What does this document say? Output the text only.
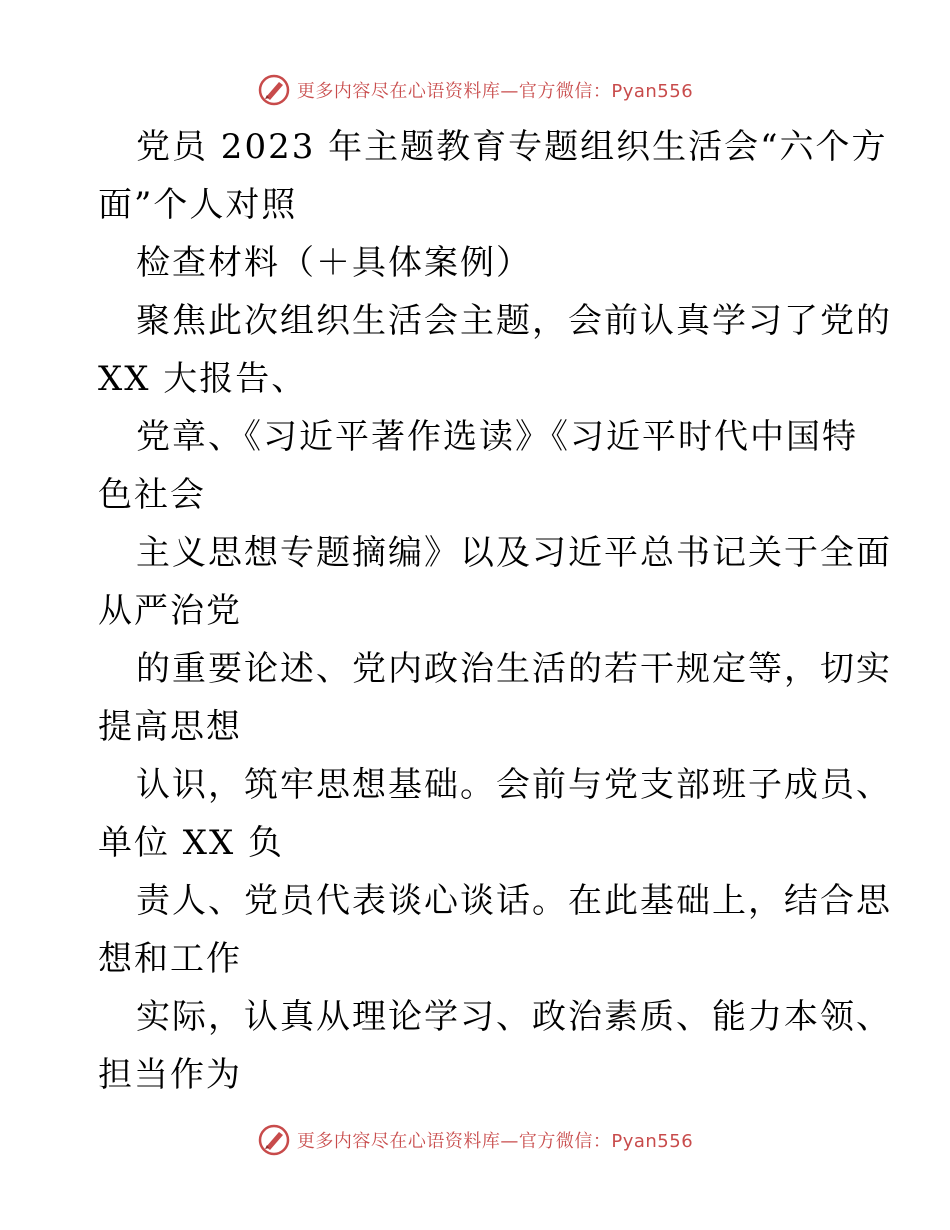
更多内容尽在心语资料库—官方微信：Pyan556
党员 2023 年主题教育专题组织生活会“六个方
面”个人对照
检查材料（＋具体案例）
聚焦此次组织生活会主题，会前认真学习了党的
XX 大报告、
党章、《习近平著作选读》《习近平时代中国特
色社会
主义思想专题摘编》以及习近平总书记关于全面
从严治党
的重要论述、党内政治生活的若干规定等，切实
提高思想
认识，筑牢思想基础。会前与党支部班子成员、
单位 XX 负
责人、党员代表谈心谈话。在此基础上，结合思
想和工作
实际，认真从理论学习、政治素质、能力本领、
担当作为
更多内容尽在心语资料库—官方微信：Pyan556
